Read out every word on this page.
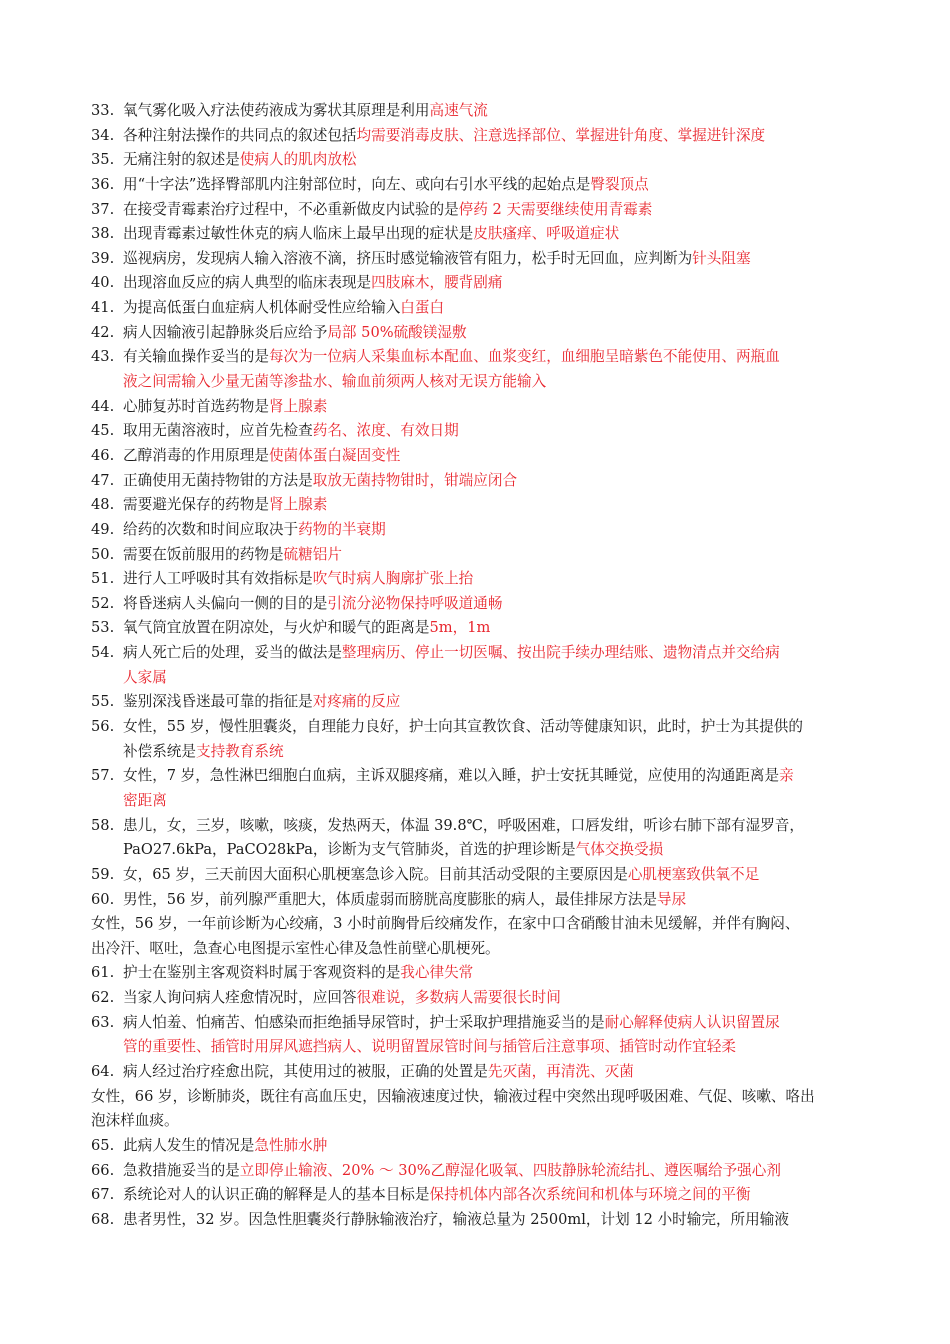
33. 氧气雾化吸入疗法使药液成为雾状其原理是利用高速气流
34. 各种注射法操作的共同点的叙述包括均需要消毒皮肤、注意选择部位、掌握进针角度、掌握进针深度
35. 无痛注射的叙述是使病人的肌肉放松
36. 用“十字法”选择臀部肌内注射部位时，向左、或向右引水平线的起始点是臀裂顶点
37. 在接受青霉素治疗过程中，不必重新做皮内试验的是停药 2 天需要继续使用青霉素
38. 出现青霉素过敏性休克的病人临床上最早出现的症状是皮肤瘙痒、呼吸道症状
39. 巡视病房，发现病人输入溶液不滴，挤压时感觉输液管有阻力，松手时无回血，应判断为针头阻塞
40. 出现溶血反应的病人典型的临床表现是四肢麻木，腰背剧痛
41. 为提高低蛋白血症病人机体耐受性应给输入白蛋白
42. 病人因输液引起静脉炎后应给予局部 50%硫酸镁湿敷
43. 有关输血操作妥当的是每次为一位病人采集血标本配血、血浆变红，血细胞呈暗紫色不能使用、两瓶血
液之间需输入少量无菌等渗盐水、输血前须两人核对无误方能输入
44. 心肺复苏时首选药物是肾上腺素
45. 取用无菌溶液时，应首先检查药名、浓度、有效日期
46. 乙醇消毒的作用原理是使菌体蛋白凝固变性
47. 正确使用无菌持物钳的方法是取放无菌持物钳时，钳端应闭合
48. 需要避光保存的药物是肾上腺素
49. 给药的次数和时间应取决于药物的半衰期
50. 需要在饭前服用的药物是硫糖铝片
51. 进行人工呼吸时其有效指标是吹气时病人胸廓扩张上抬
52. 将昏迷病人头偏向一侧的目的是引流分泌物保持呼吸道通畅
53. 氧气筒宜放置在阴凉处，与火炉和暖气的距离是5m，1m
54. 病人死亡后的处理，妥当的做法是整理病历、停止一切医嘱、按出院手续办理结账、遗物清点并交给病
人家属
55. 鉴别深浅昏迷最可靠的指征是对疼痛的反应
56. 女性，55 岁，慢性胆囊炎，自理能力良好，护士向其宣教饮食、活动等健康知识，此时，护士为其提供的
补偿系统是支持教育系统
57. 女性，7 岁，急性淋巴细胞白血病，主诉双腿疼痛，难以入睡，护士安抚其睡觉，应使用的沟通距离是亲
密距离
58. 患儿，女，三岁，咳嗽，咳痰，发热两天，体温 39.8℃，呼吸困难，口唇发绀，听诊右肺下部有湿罗音，
PaO27.6kPa，PaCO28kPa，诊断为支气管肺炎，首选的护理诊断是气体交换受损
59. 女，65 岁，三天前因大面积心肌梗塞急诊入院。目前其活动受限的主要原因是心肌梗塞致供氧不足
60. 男性，56 岁，前列腺严重肥大，体质虚弱而膀胱高度膨胀的病人，最佳排尿方法是导尿
女性，56 岁，一年前诊断为心绞痛，3 小时前胸骨后绞痛发作，在家中口含硝酸甘油未见缓解，并伴有胸闷、
出冷汗、呕吐，急查心电图提示室性心律及急性前壁心肌梗死。
61. 护士在鉴别主客观资料时属于客观资料的是我心律失常
62. 当家人询问病人痊愈情况时，应回答很难说，多数病人需要很长时间
63. 病人怕羞、怕痛苦、怕感染而拒绝插导尿管时，护士采取护理措施妥当的是耐心解释使病人认识留置尿
管的重要性、插管时用屏风遮挡病人、说明留置尿管时间与插管后注意事项、插管时动作宜轻柔
64. 病人经过治疗痊愈出院，其使用过的被服，正确的处置是先灭菌，再清洗、灭菌
女性，66 岁，诊断肺炎，既往有高血压史，因输液速度过快，输液过程中突然出现呼吸困难、气促、咳嗽、咯出
泡沫样血痰。
65. 此病人发生的情况是急性肺水肿
66. 急救措施妥当的是立即停止输液、20% ～ 30%乙醇湿化吸氧、四肢静脉轮流结扎、遵医嘱给予强心剂
67. 系统论对人的认识正确的解释是人的基本目标是保持机体内部各次系统间和机体与环境之间的平衡
68. 患者男性，32 岁。因急性胆囊炎行静脉输液治疗，输液总量为 2500ml，计划 12 小时输完，所用输液
